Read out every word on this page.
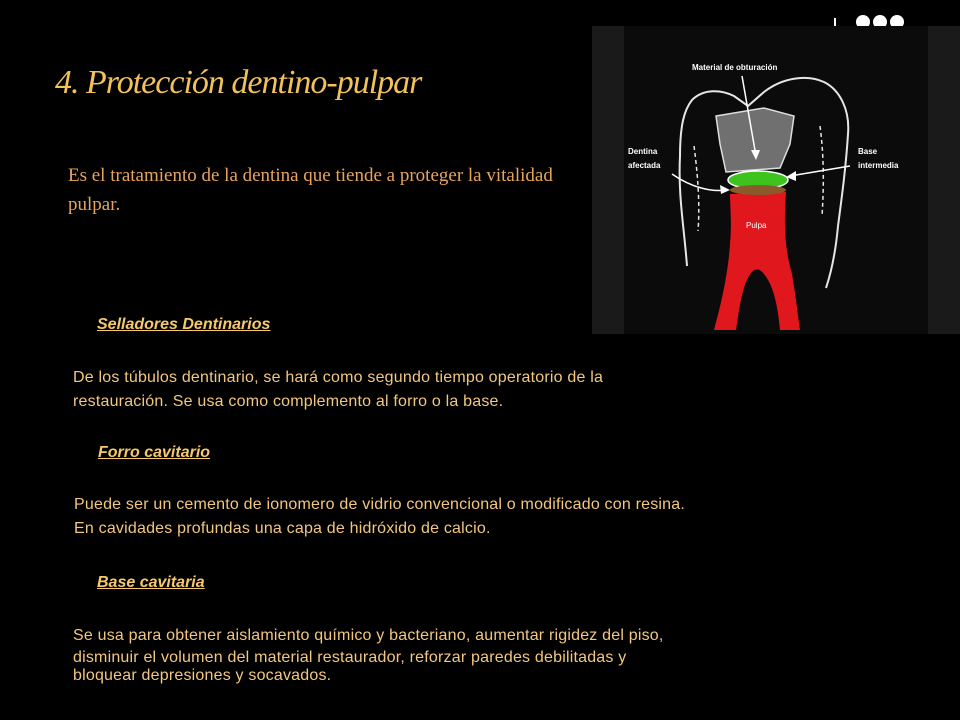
4. Protección dentino-pulpar
Es el tratamiento de la dentina que tiende a proteger la vitalidad pulpar.
Material de obturación
Dentina
afectada
Base
intermedia
Pulpa
Selladores Dentinarios
De los túbulos dentinario, se hará como segundo tiempo operatorio de la
restauración. Se usa como complemento al forro o la base.
Forro cavitario
Puede ser un cemento de ionomero de vidrio convencional o modificado con resina.
En cavidades profundas una capa de hidróxido de calcio.
Base cavitaria
Se usa para obtener aislamiento químico y bacteriano, aumentar rigidez del piso,
disminuir el volumen del material restaurador, reforzar paredes debilitadas y
bloquear depresiones y socavados.
